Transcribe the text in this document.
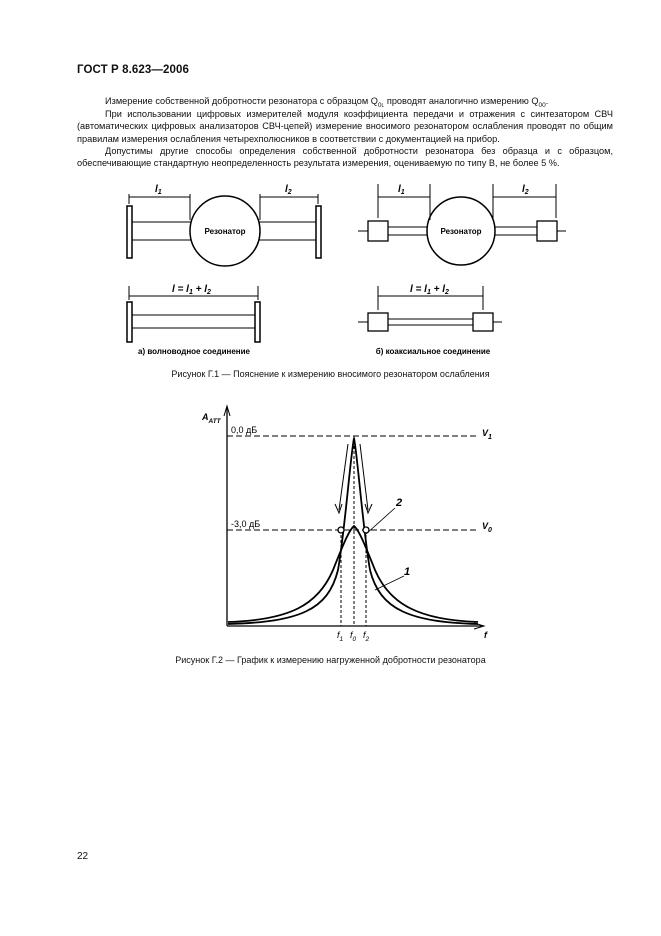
ГОСТ Р 8.623—2006
Измерение собственной добротности резонатора с образцом $Q_{0L}$ проводят аналогично измерению $Q_{00}$.
При использовании цифровых измерителей модуля коэффициента передачи и отражения с синтезатором СВЧ (автоматических цифровых анализаторов СВЧ-цепей) измерение вносимого резонатором ослабления проводят по общим правилам измерения ослабления четырехполюсников в соответствии с документацией на прибор.
Допустимы другие способы определения собственной добротности резонатора без образца и с образцом, обеспечивающие стандартную неопределенность результата измерения, оцениваемую по типу В, не более 5 %.
$l_1$	$l_2$	$l_1$	$l_2$
$l = l_1 + l_2$	$l = l_1 + l_2$
Резонатор	Резонатор
а) волноводное соединение	б) коаксиальное соединение
Рисунок Г.1 — Пояснение к измерению вносимого резонатором ослабления
$A_{ATT}$
0,0 дБ
-3,0 дБ
$V_1$
$V_0$
2
1
f
$f_1$ $f_0$ $f_2$
Рисунок Г.2 — График к измерению нагруженной добротности резонатора
22
